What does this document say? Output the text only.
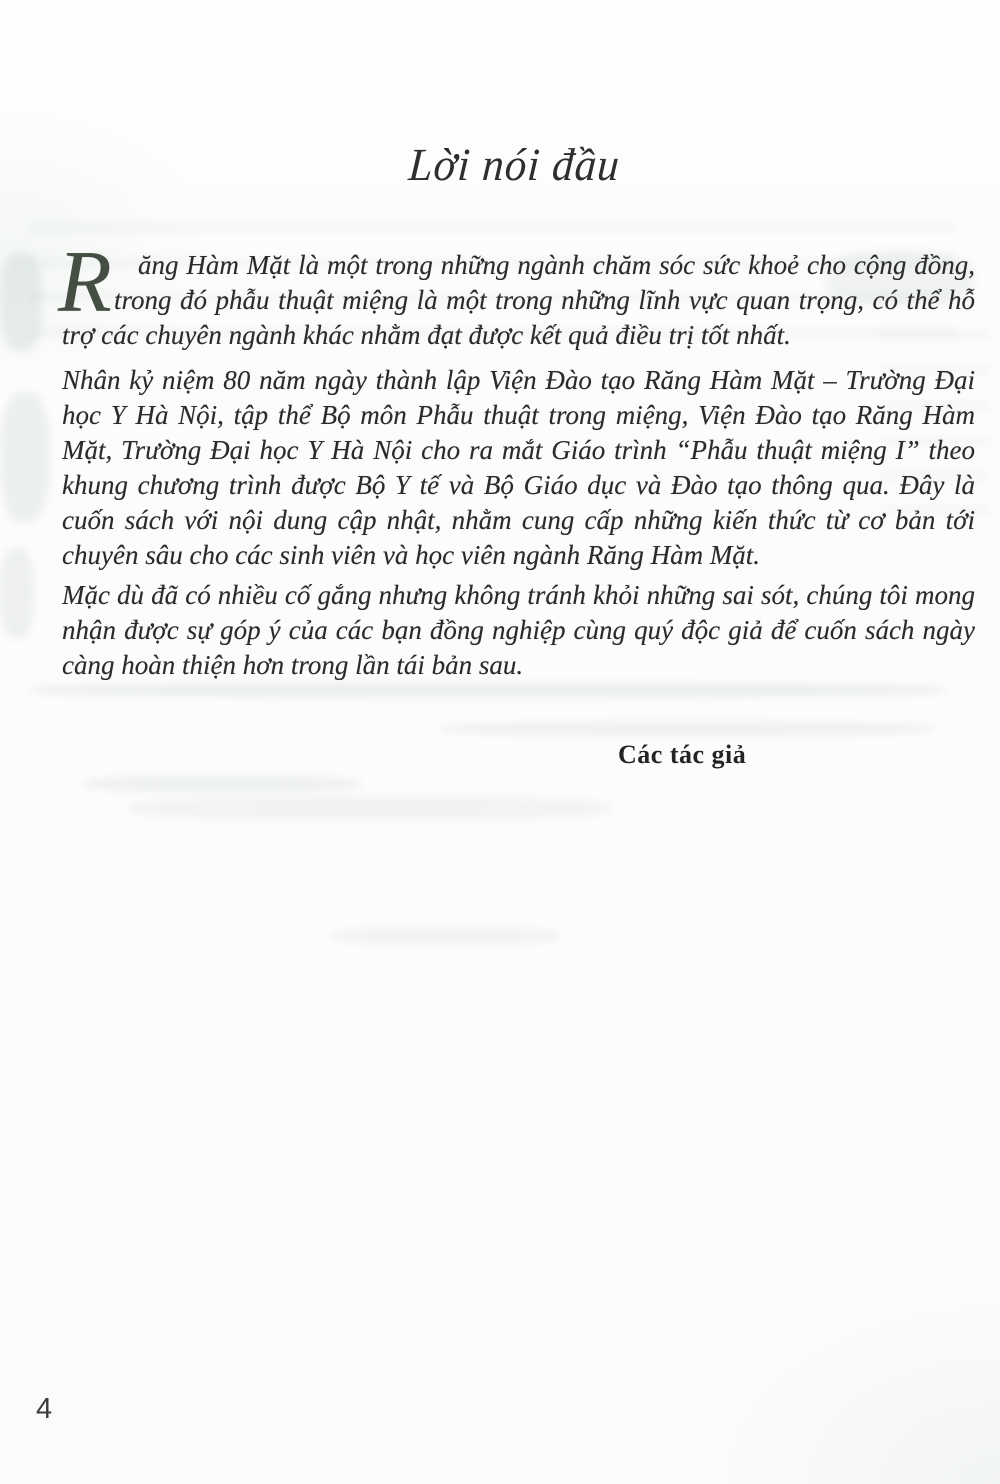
Lời nói đầu
R ăng Hàm Mặt là một trong những ngành chăm sóc sức khoẻ cho cộng đồng,
trong đó phẫu thuật miệng là một trong những lĩnh vực quan trọng, có thể hỗ
trợ các chuyên ngành khác nhằm đạt được kết quả điều trị tốt nhất.
Nhân kỷ niệm 80 năm ngày thành lập Viện Đào tạo Răng Hàm Mặt – Trường Đại
học Y Hà Nội, tập thể Bộ môn Phẫu thuật trong miệng, Viện Đào tạo Răng Hàm
Mặt, Trường Đại học Y Hà Nội cho ra mắt Giáo trình “Phẫu thuật miệng I” theo
khung chương trình được Bộ Y tế và Bộ Giáo dục và Đào tạo thông qua. Đây là
cuốn sách với nội dung cập nhật, nhằm cung cấp những kiến thức từ cơ bản tới
chuyên sâu cho các sinh viên và học viên ngành Răng Hàm Mặt.
Mặc dù đã có nhiều cố gắng nhưng không tránh khỏi những sai sót, chúng tôi mong
nhận được sự góp ý của các bạn đồng nghiệp cùng quý độc giả để cuốn sách ngày
càng hoàn thiện hơn trong lần tái bản sau.
Các tác giả
4
